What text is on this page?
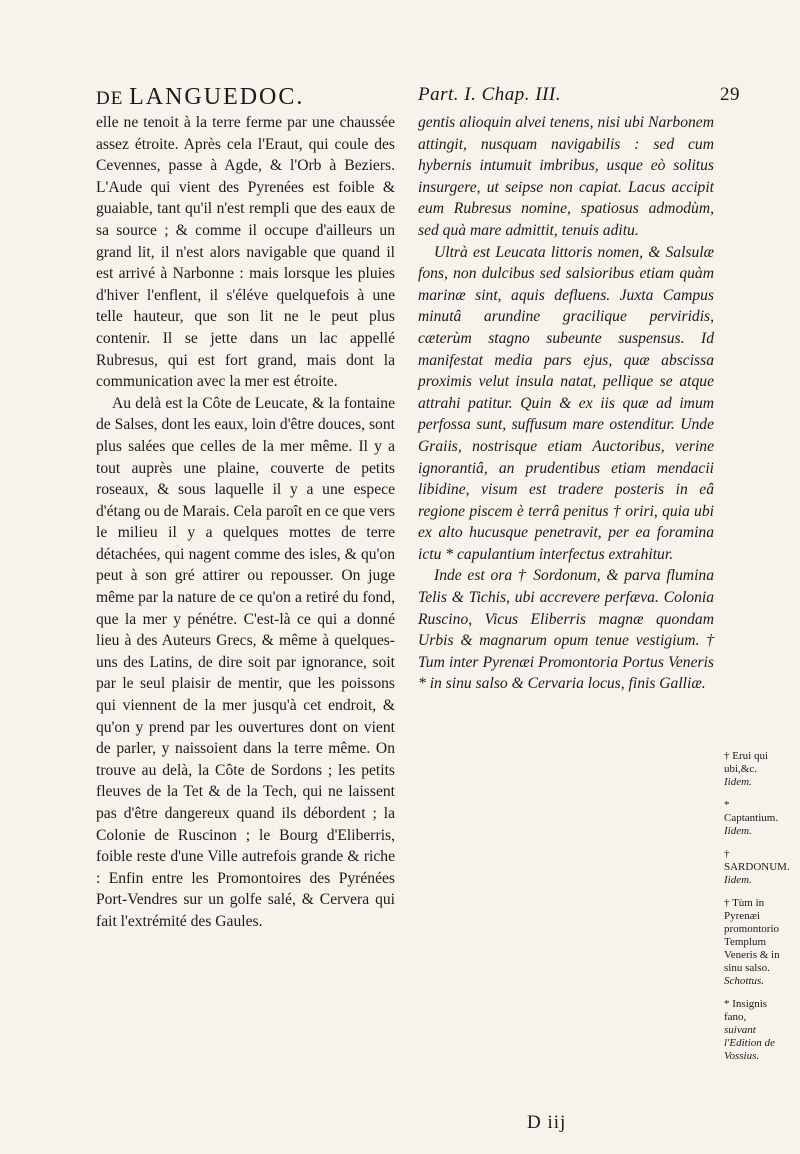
DE LANGUEDOC.	Part. I. Chap. III.	29

elle ne tenoit à la terre ferme par une chaussée assez étroite. Après cela l'Eraut, qui coule des Cevennes, passe à Agde, & l'Orb à Beziers. L'Aude qui vient des Pyrenées est foible & guaiable, tant qu'il n'est rempli que des eaux de sa source ; & comme il occupe d'ailleurs un grand lit, il n'est alors navigable que quand il est arrivé à Narbonne : mais lorsque les pluies d'hiver l'enflent, il s'éléve quelquefois à une telle hauteur, que son lit ne le peut plus contenir. Il se jette dans un lac appellé Rubresus, qui est fort grand, mais dont la communication avec la mer est étroite.

Au delà est la Côte de Leucate, & la fontaine de Salses, dont les eaux, loin d'être douces, sont plus salées que celles de la mer même. Il y a tout auprès une plaine, couverte de petits roseaux, & sous laquelle il y a une espece d'étang ou de Marais. Cela paroît en ce que vers le milieu il y a quelques mottes de terre détachées, qui nagent comme des isles, & qu'on peut à son gré attirer ou repousser. On juge même par la nature de ce qu'on a retiré du fond, que la mer y pénétre. C'est-là ce qui a donné lieu à des Auteurs Grecs, & même à quelques-uns des Latins, de dire soit par ignorance, soit par le seul plaisir de mentir, que les poissons qui viennent de la mer jusqu'à cet endroit, & qu'on y prend par les ouvertures dont on vient de parler, y naissoient dans la terre même. On trouve au delà, la Côte de Sordons ; les petits fleuves de la Tet & de la Tech, qui ne laissent pas d'être dangereux quand ils débordent ; la Colonie de Ruscinon ; le Bourg d'Eliberris, foible reste d'une Ville autrefois grande & riche : Enfin entre les Promontoires des Pyrénées Port-Vendres sur un golfe salé, & Cervera qui fait l'extrémité des Gaules.

gentis alioquin alvei tenens, nisi ubi Narbonem attingit, nusquam navigabilis : sed cum hybernis intumuit imbribus, usque eò solitus insurgere, ut seipse non capiat. Lacus accipit eum Rubresus nomine, spatiosus admodùm, sed quà mare admittit, tenuis aditu.

Ultrà est Leucata littoris nomen, & Salsulæ fons, non dulcibus sed salsioribus etiam quàm marinæ sint, aquis defluens. Juxta Campus minutâ arundine gracilique perviridis, cæterùm stagno subeunte suspensus. Id manifestat media pars ejus, quæ abscissa proximis velut insula natat, pellique se atque attrahi patitur. Quin & ex iis quæ ad imum perfossa sunt, suffusum mare ostenditur. Unde Graiis, nostrisque etiam Auctoribus, verine ignorantiâ, an prudentibus etiam mendacii libidine, visum est tradere posteris in eâ regione piscem è terrâ penitus † oriri, quia ubi ex alto hucusque penetravit, per ea foramina ictu * capulantium interfectus extrahitur.

Inde est ora † Sordonum, & parva flumina Telis & Tichis, ubi accrevere perfæva. Colonia Ruscino, Vicus Eliberris magnæ quondam Urbis & magnarum opum tenue vestigium. † Tum inter Pyrenæi Promontoria Portus Veneris * in sinu salso & Cervaria locus, finis Galliæ.

† Erui qui ubi,&c.
Iidem.
* Captantium.
Iidem.
† SARDONUM.
Iidem.
† Tùm in Pyrenæi promontorio Templum Veneris & in sinu salso.
Schottus.
* Insignis fano,
suivant l'Edition de Vossius.
D iij
